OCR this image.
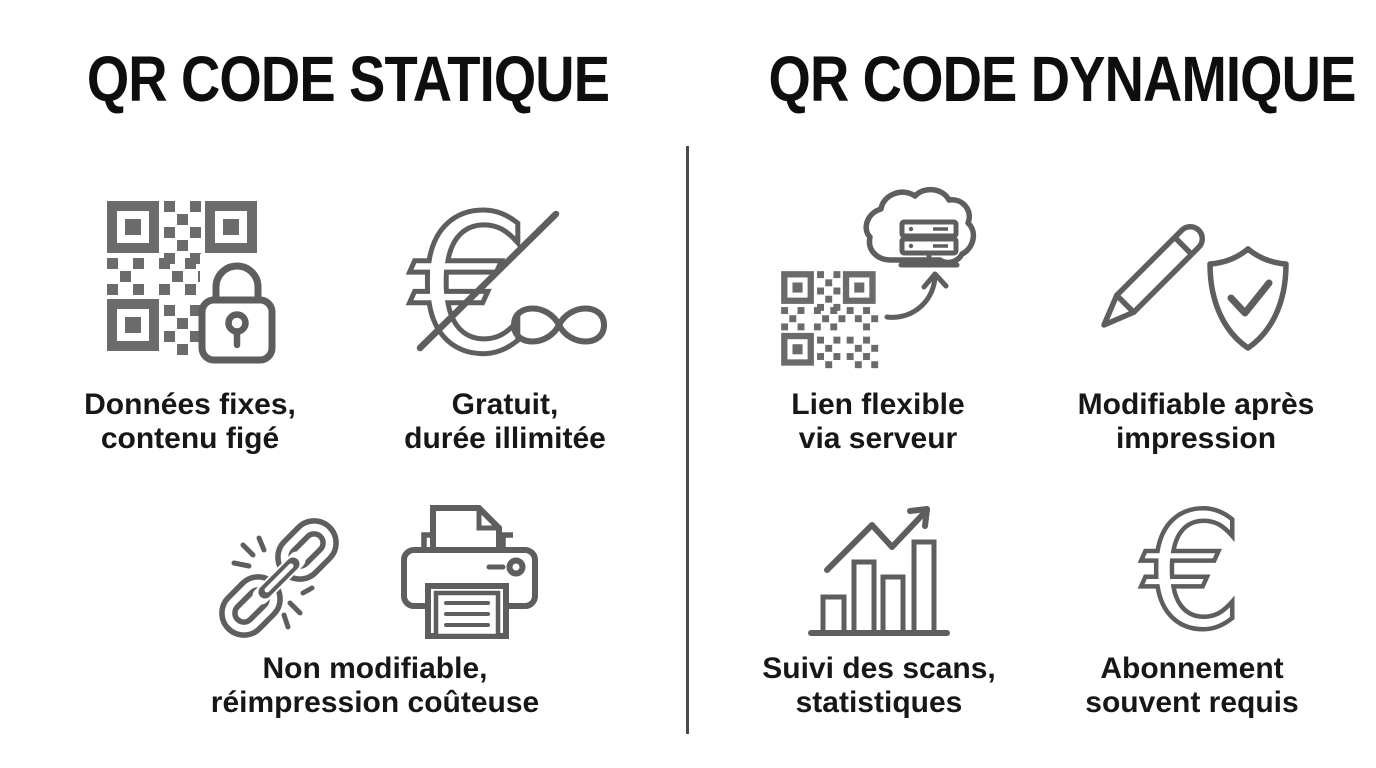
QR CODE STATIQUE QR CODE DYNAMIQUE
Données fixes,
contenu figé
€
Gratuit,
durée illimitée
Non modifiable,
réimpression coûteuse
Lien flexible
via serveur
Modifiable après
impression
Suivi des scans,
statistiques
€
Abonnement
souvent requis
